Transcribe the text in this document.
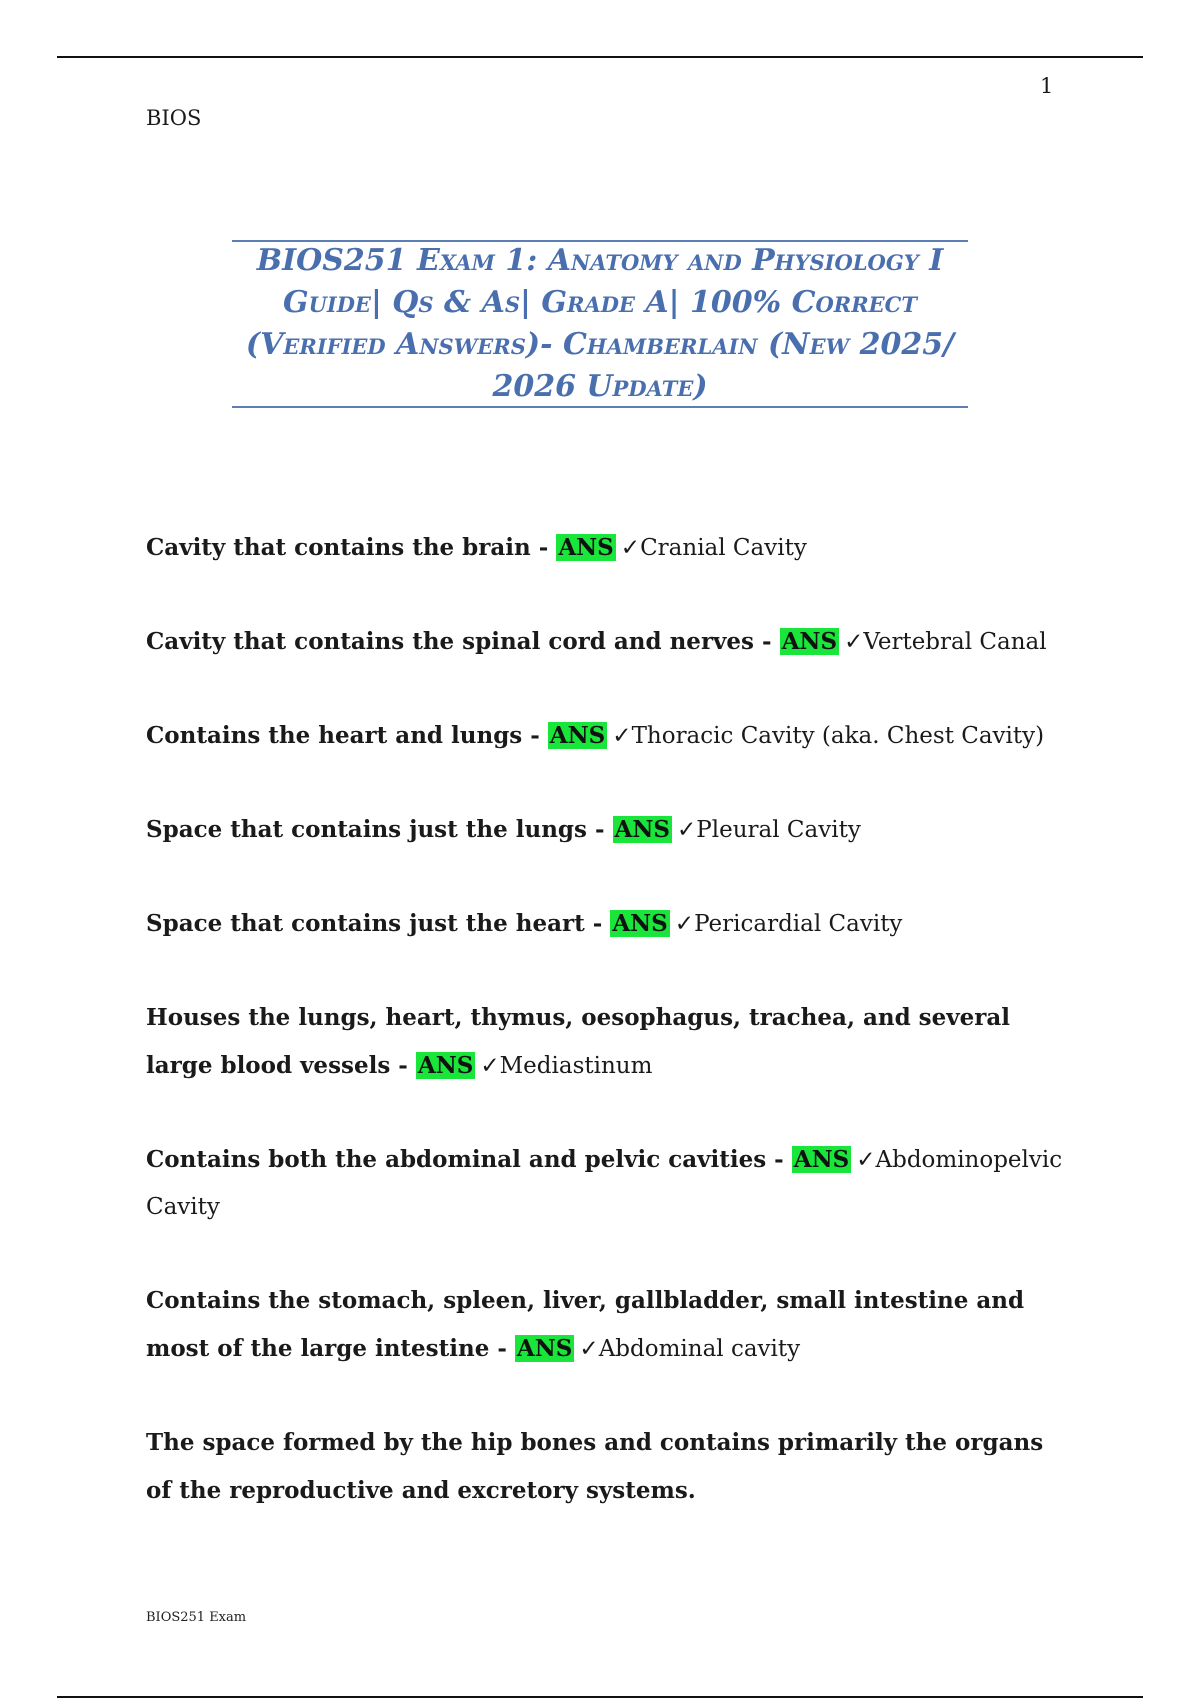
1
BIOS
BIOS251 Exam 1: Anatomy and Physiology I Guide| Qs & As| Grade A| 100% Correct (Verified Answers)- Chamberlain (New 2025/ 2026 Update)

Cavity that contains the brain - ANS ✓Cranial Cavity

Cavity that contains the spinal cord and nerves - ANS ✓Vertebral Canal

Contains the heart and lungs - ANS ✓Thoracic Cavity (aka. Chest Cavity)

Space that contains just the lungs - ANS ✓Pleural Cavity

Space that contains just the heart - ANS ✓Pericardial Cavity

Houses the lungs, heart, thymus, oesophagus, trachea, and several large blood vessels - ANS ✓Mediastinum

Contains both the abdominal and pelvic cavities - ANS ✓Abdominopelvic Cavity

Contains the stomach, spleen, liver, gallbladder, small intestine and most of the large intestine - ANS ✓Abdominal cavity

The space formed by the hip bones and contains primarily the organs of the reproductive and excretory systems.

BIOS251 Exam
